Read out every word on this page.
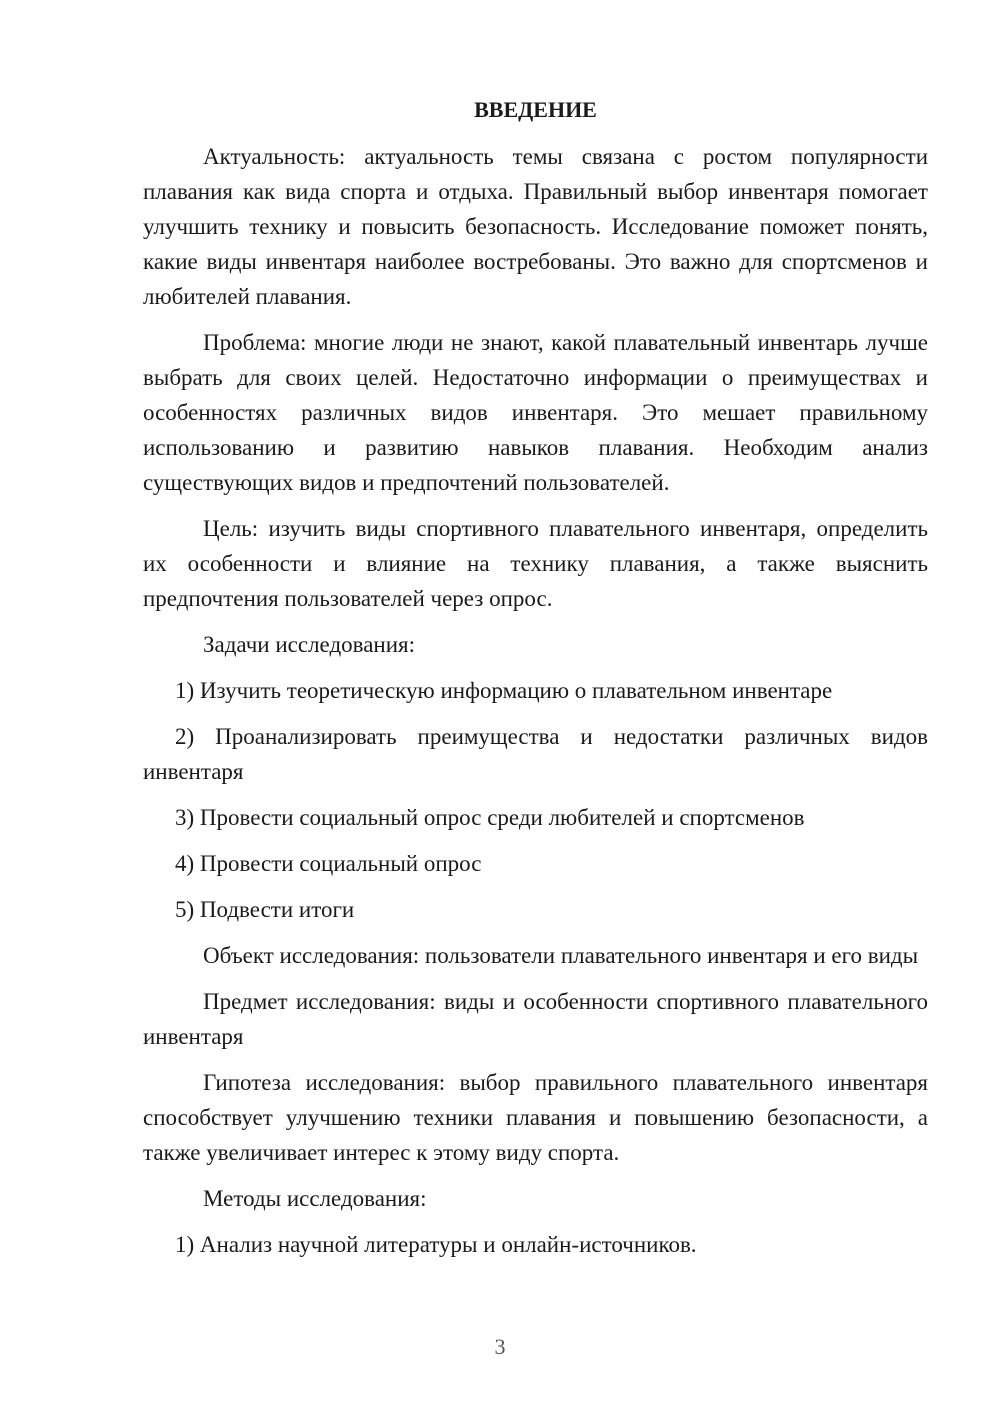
ВВЕДЕНИЕ

Актуальность: актуальность темы связана с ростом популярности плавания как вида спорта и отдыха. Правильный выбор инвентаря помогает улучшить технику и повысить безопасность. Исследование поможет понять, какие виды инвентаря наиболее востребованы. Это важно для спортсменов и любителей плавания.

Проблема: многие люди не знают, какой плавательный инвентарь лучше выбрать для своих целей. Недостаточно информации о преимуществах и особенностях различных видов инвентаря. Это мешает правильному использованию и развитию навыков плавания. Необходим анализ существующих видов и предпочтений пользователей.

Цель: изучить виды спортивного плавательного инвентаря, определить их особенности и влияние на технику плавания, а также выяснить предпочтения пользователей через опрос.

Задачи исследования:

1) Изучить теоретическую информацию о плавательном инвентаре

2) Проанализировать преимущества и недостатки различных видов инвентаря

3) Провести социальный опрос среди любителей и спортсменов

4) Провести социальный опрос

5) Подвести итоги

Объект исследования: пользователи плавательного инвентаря и его виды

Предмет исследования: виды и особенности спортивного плавательного инвентаря

Гипотеза исследования: выбор правильного плавательного инвентаря способствует улучшению техники плавания и повышению безопасности, а также увеличивает интерес к этому виду спорта.

Методы исследования:

1) Анализ научной литературы и онлайн-источников.

3
